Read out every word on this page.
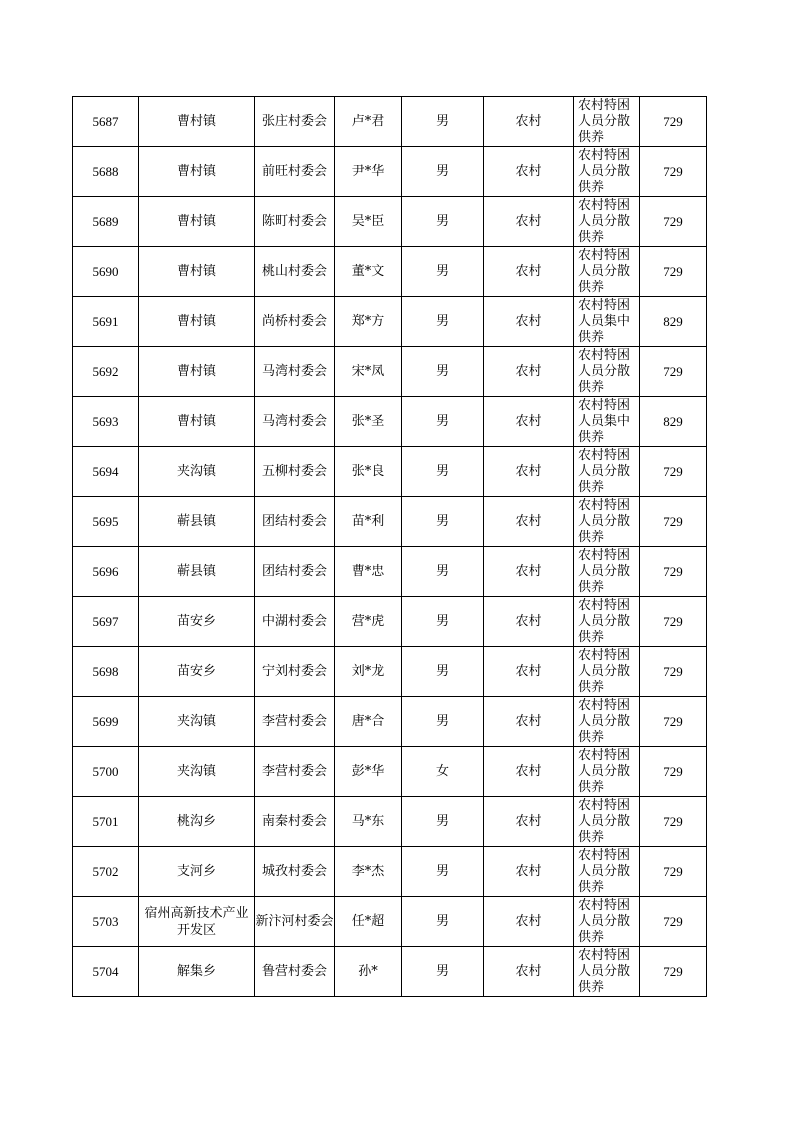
5687	曹村镇	张庄村委会	卢*君	男	农村	农村特困人员分散供养	729
5688	曹村镇	前旺村委会	尹*华	男	农村	农村特困人员分散供养	729
5689	曹村镇	陈町村委会	吴*臣	男	农村	农村特困人员分散供养	729
5690	曹村镇	桃山村委会	董*文	男	农村	农村特困人员分散供养	729
5691	曹村镇	尚桥村委会	郑*方	男	农村	农村特困人员集中供养	829
5692	曹村镇	马湾村委会	宋*凤	男	农村	农村特困人员分散供养	729
5693	曹村镇	马湾村委会	张*圣	男	农村	农村特困人员集中供养	829
5694	夹沟镇	五柳村委会	张*良	男	农村	农村特困人员分散供养	729
5695	蕲县镇	团结村委会	苗*利	男	农村	农村特困人员分散供养	729
5696	蕲县镇	团结村委会	曹*忠	男	农村	农村特困人员分散供养	729
5697	苗安乡	中湖村委会	营*虎	男	农村	农村特困人员分散供养	729
5698	苗安乡	宁刘村委会	刘*龙	男	农村	农村特困人员分散供养	729
5699	夹沟镇	李营村委会	唐*合	男	农村	农村特困人员分散供养	729
5700	夹沟镇	李营村委会	彭*华	女	农村	农村特困人员分散供养	729
5701	桃沟乡	南秦村委会	马*东	男	农村	农村特困人员分散供养	729
5702	支河乡	城孜村委会	李*杰	男	农村	农村特困人员分散供养	729
5703	宿州高新技术产业开发区	新汴河村委会	任*超	男	农村	农村特困人员分散供养	729
5704	解集乡	鲁营村委会	孙*	男	农村	农村特困人员分散供养	729
